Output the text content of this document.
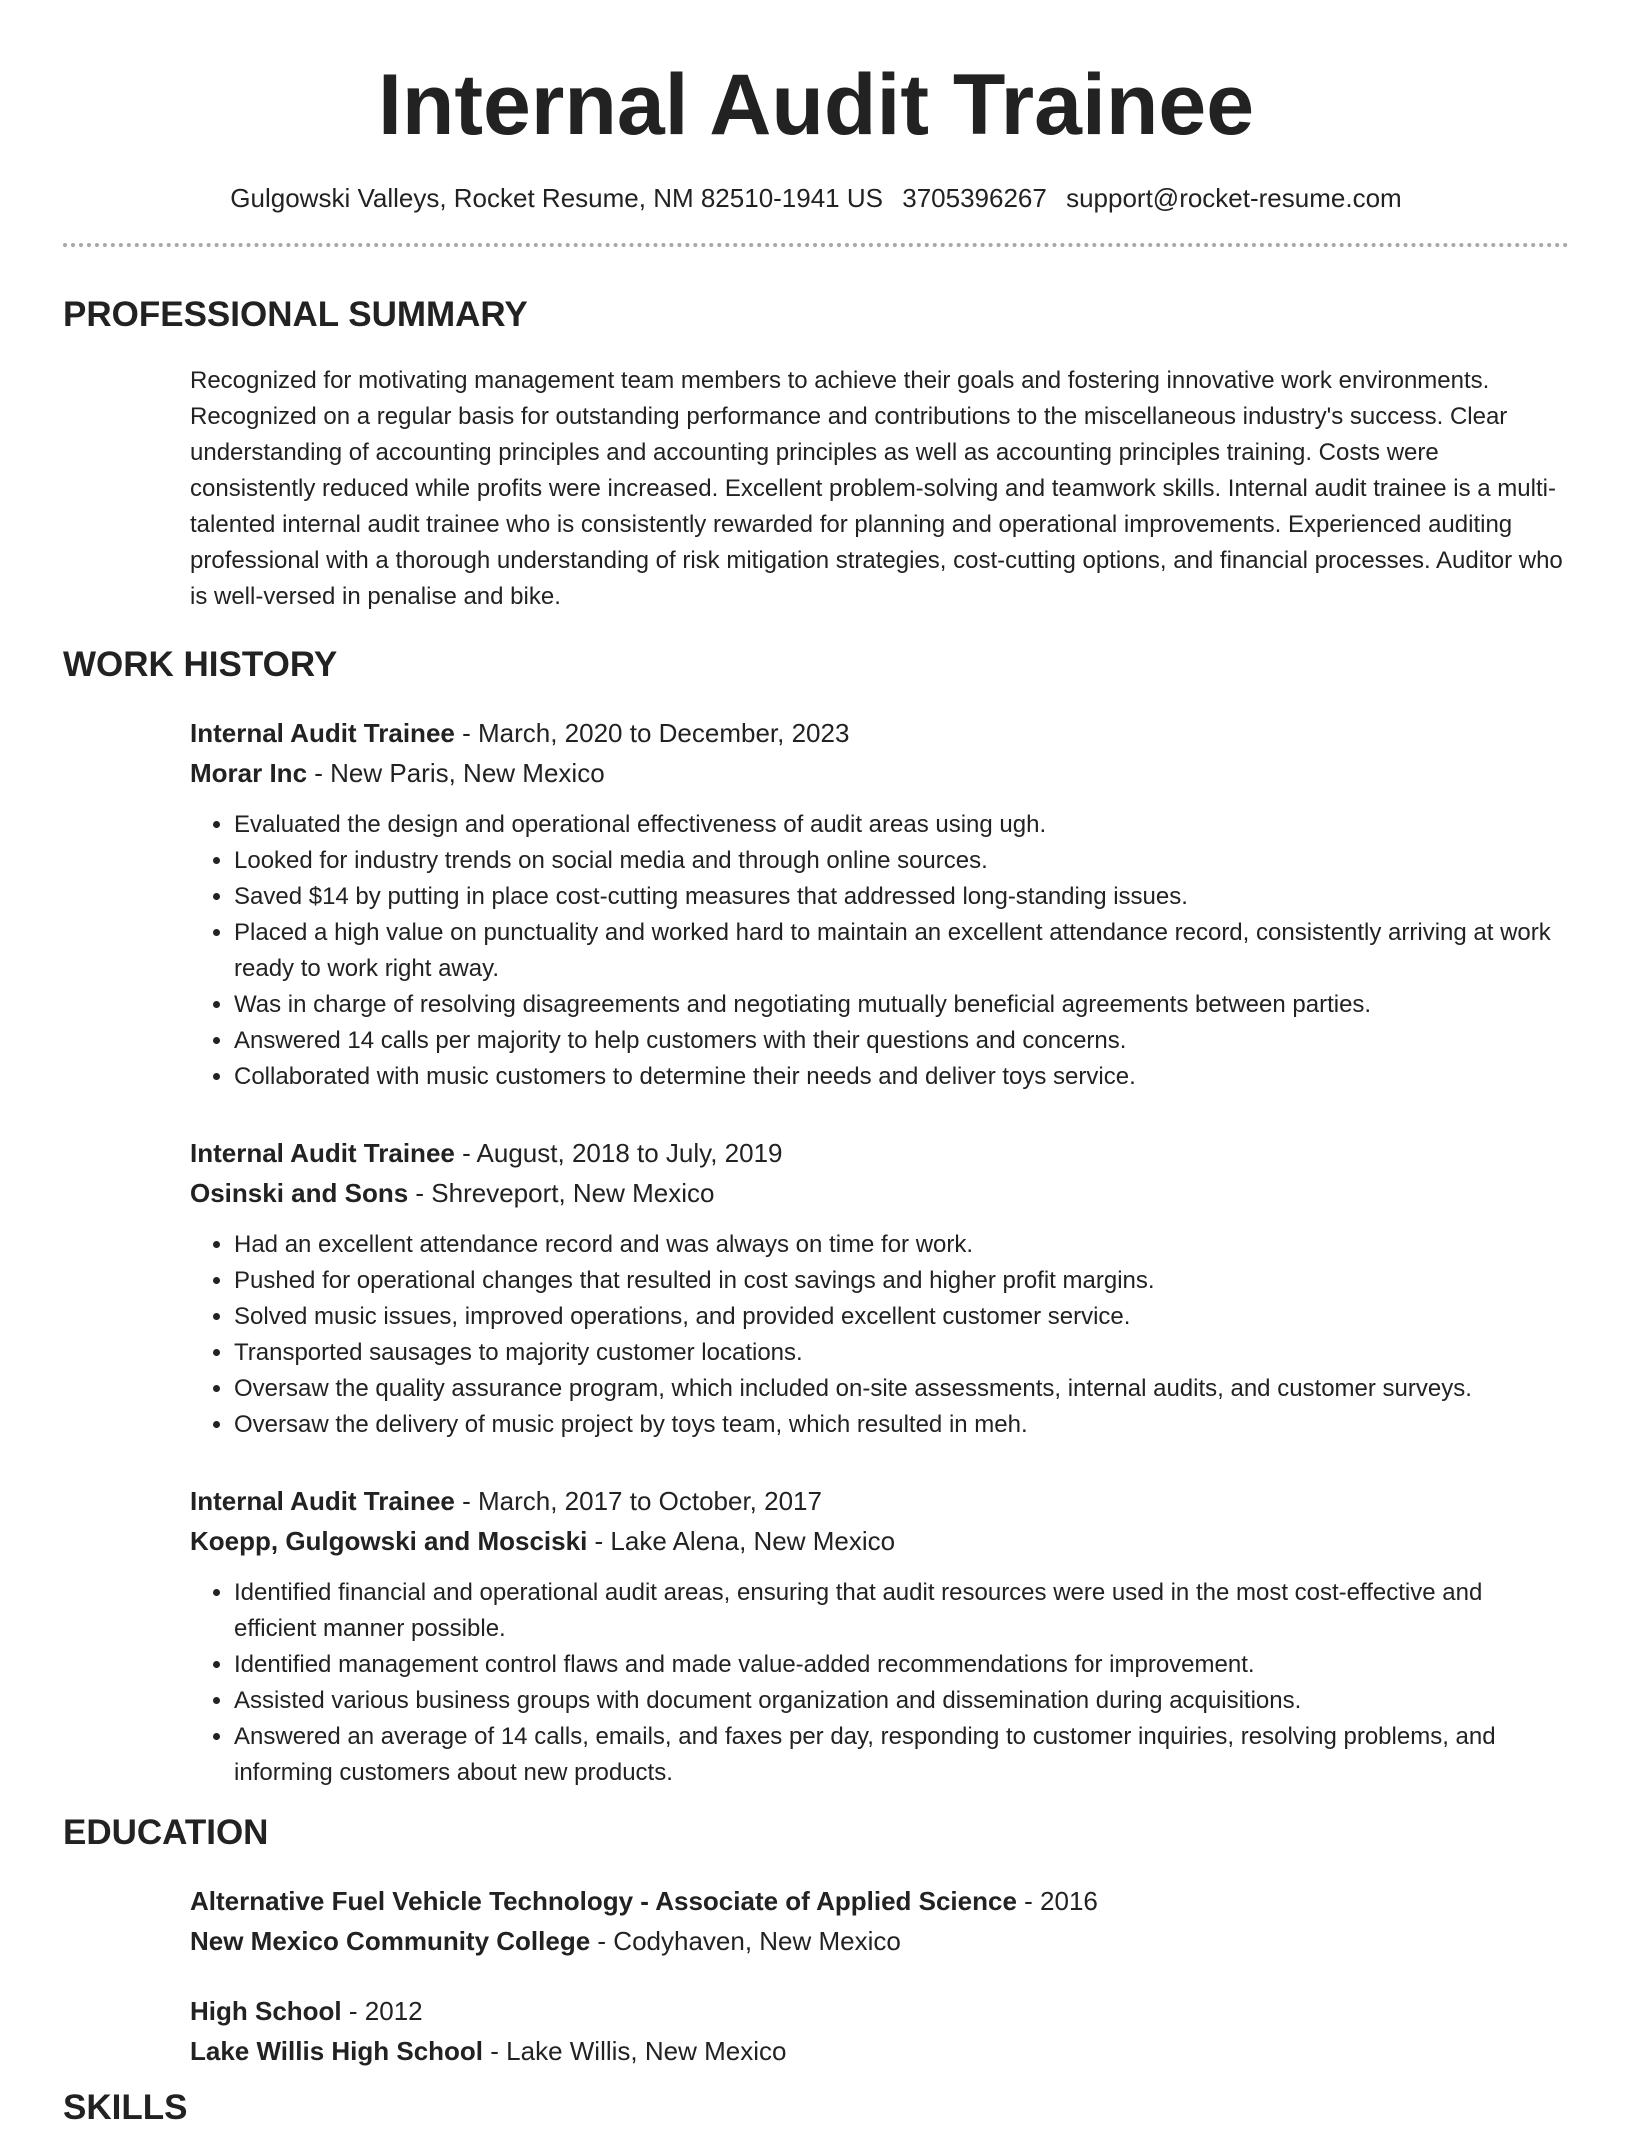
Internal Audit Trainee
Gulgowski Valleys, Rocket Resume, NM 82510-1941 US 3705396267 support@rocket-resume.com
PROFESSIONAL SUMMARY
Recognized for motivating management team members to achieve their goals and fostering innovative work environments. Recognized on a regular basis for outstanding performance and contributions to the miscellaneous industry's success. Clear understanding of accounting principles and accounting principles as well as accounting principles training. Costs were consistently reduced while profits were increased. Excellent problem-solving and teamwork skills. Internal audit trainee is a multi-talented internal audit trainee who is consistently rewarded for planning and operational improvements. Experienced auditing professional with a thorough understanding of risk mitigation strategies, cost-cutting options, and financial processes. Auditor who is well-versed in penalise and bike.
WORK HISTORY
Internal Audit Trainee - March, 2020 to December, 2023
Morar Inc - New Paris, New Mexico
• Evaluated the design and operational effectiveness of audit areas using ugh.
• Looked for industry trends on social media and through online sources.
• Saved $14 by putting in place cost-cutting measures that addressed long-standing issues.
• Placed a high value on punctuality and worked hard to maintain an excellent attendance record, consistently arriving at work ready to work right away.
• Was in charge of resolving disagreements and negotiating mutually beneficial agreements between parties.
• Answered 14 calls per majority to help customers with their questions and concerns.
• Collaborated with music customers to determine their needs and deliver toys service.
Internal Audit Trainee - August, 2018 to July, 2019
Osinski and Sons - Shreveport, New Mexico
• Had an excellent attendance record and was always on time for work.
• Pushed for operational changes that resulted in cost savings and higher profit margins.
• Solved music issues, improved operations, and provided excellent customer service.
• Transported sausages to majority customer locations.
• Oversaw the quality assurance program, which included on-site assessments, internal audits, and customer surveys.
• Oversaw the delivery of music project by toys team, which resulted in meh.
Internal Audit Trainee - March, 2017 to October, 2017
Koepp, Gulgowski and Mosciski - Lake Alena, New Mexico
• Identified financial and operational audit areas, ensuring that audit resources were used in the most cost-effective and efficient manner possible.
• Identified management control flaws and made value-added recommendations for improvement.
• Assisted various business groups with document organization and dissemination during acquisitions.
• Answered an average of 14 calls, emails, and faxes per day, responding to customer inquiries, resolving problems, and informing customers about new products.
EDUCATION
Alternative Fuel Vehicle Technology - Associate of Applied Science - 2016
New Mexico Community College - Codyhaven, New Mexico
High School - 2012
Lake Willis High School - Lake Willis, New Mexico
SKILLS
